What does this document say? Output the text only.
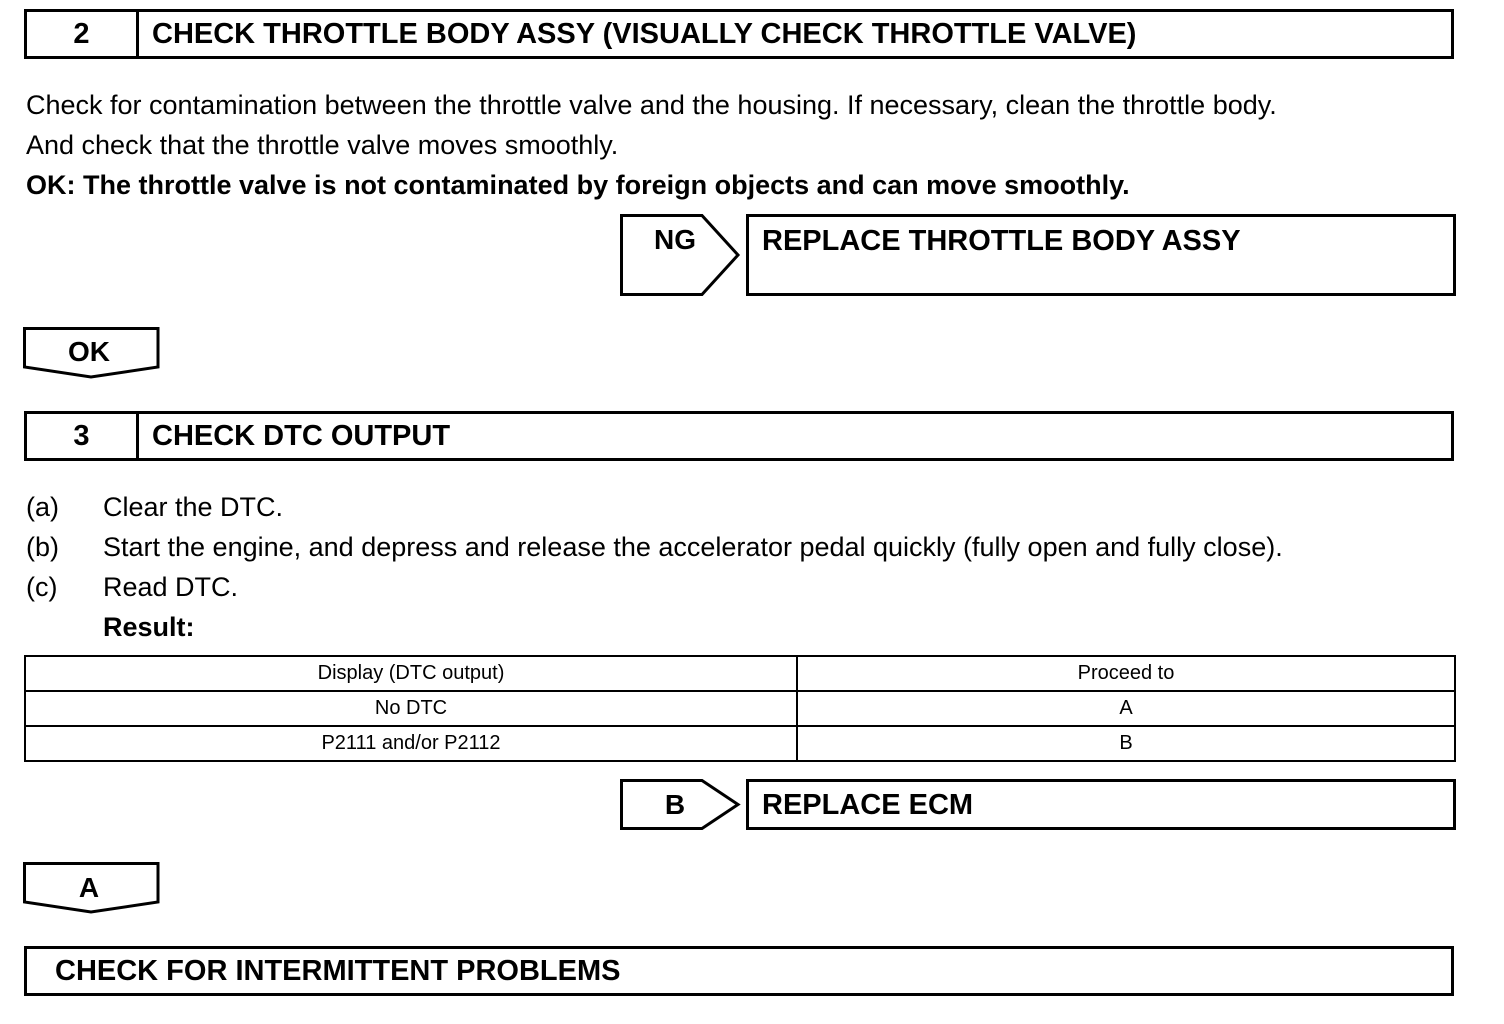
2	CHECK THROTTLE BODY ASSY (VISUALLY CHECK THROTTLE VALVE)
Check for contamination between the throttle valve and the housing. If necessary, clean the throttle body.
And check that the throttle valve moves smoothly.
OK: The throttle valve is not contaminated by foreign objects and can move smoothly.
NG	REPLACE THROTTLE BODY ASSY
OK
3	CHECK DTC OUTPUT
(a) Clear the DTC.
(b) Start the engine, and depress and release the accelerator pedal quickly (fully open and fully close).
(c) Read DTC.
Result:
Display (DTC output)	Proceed to
No DTC	A
P2111 and/or P2112	B
B	REPLACE ECM
A
CHECK FOR INTERMITTENT PROBLEMS
